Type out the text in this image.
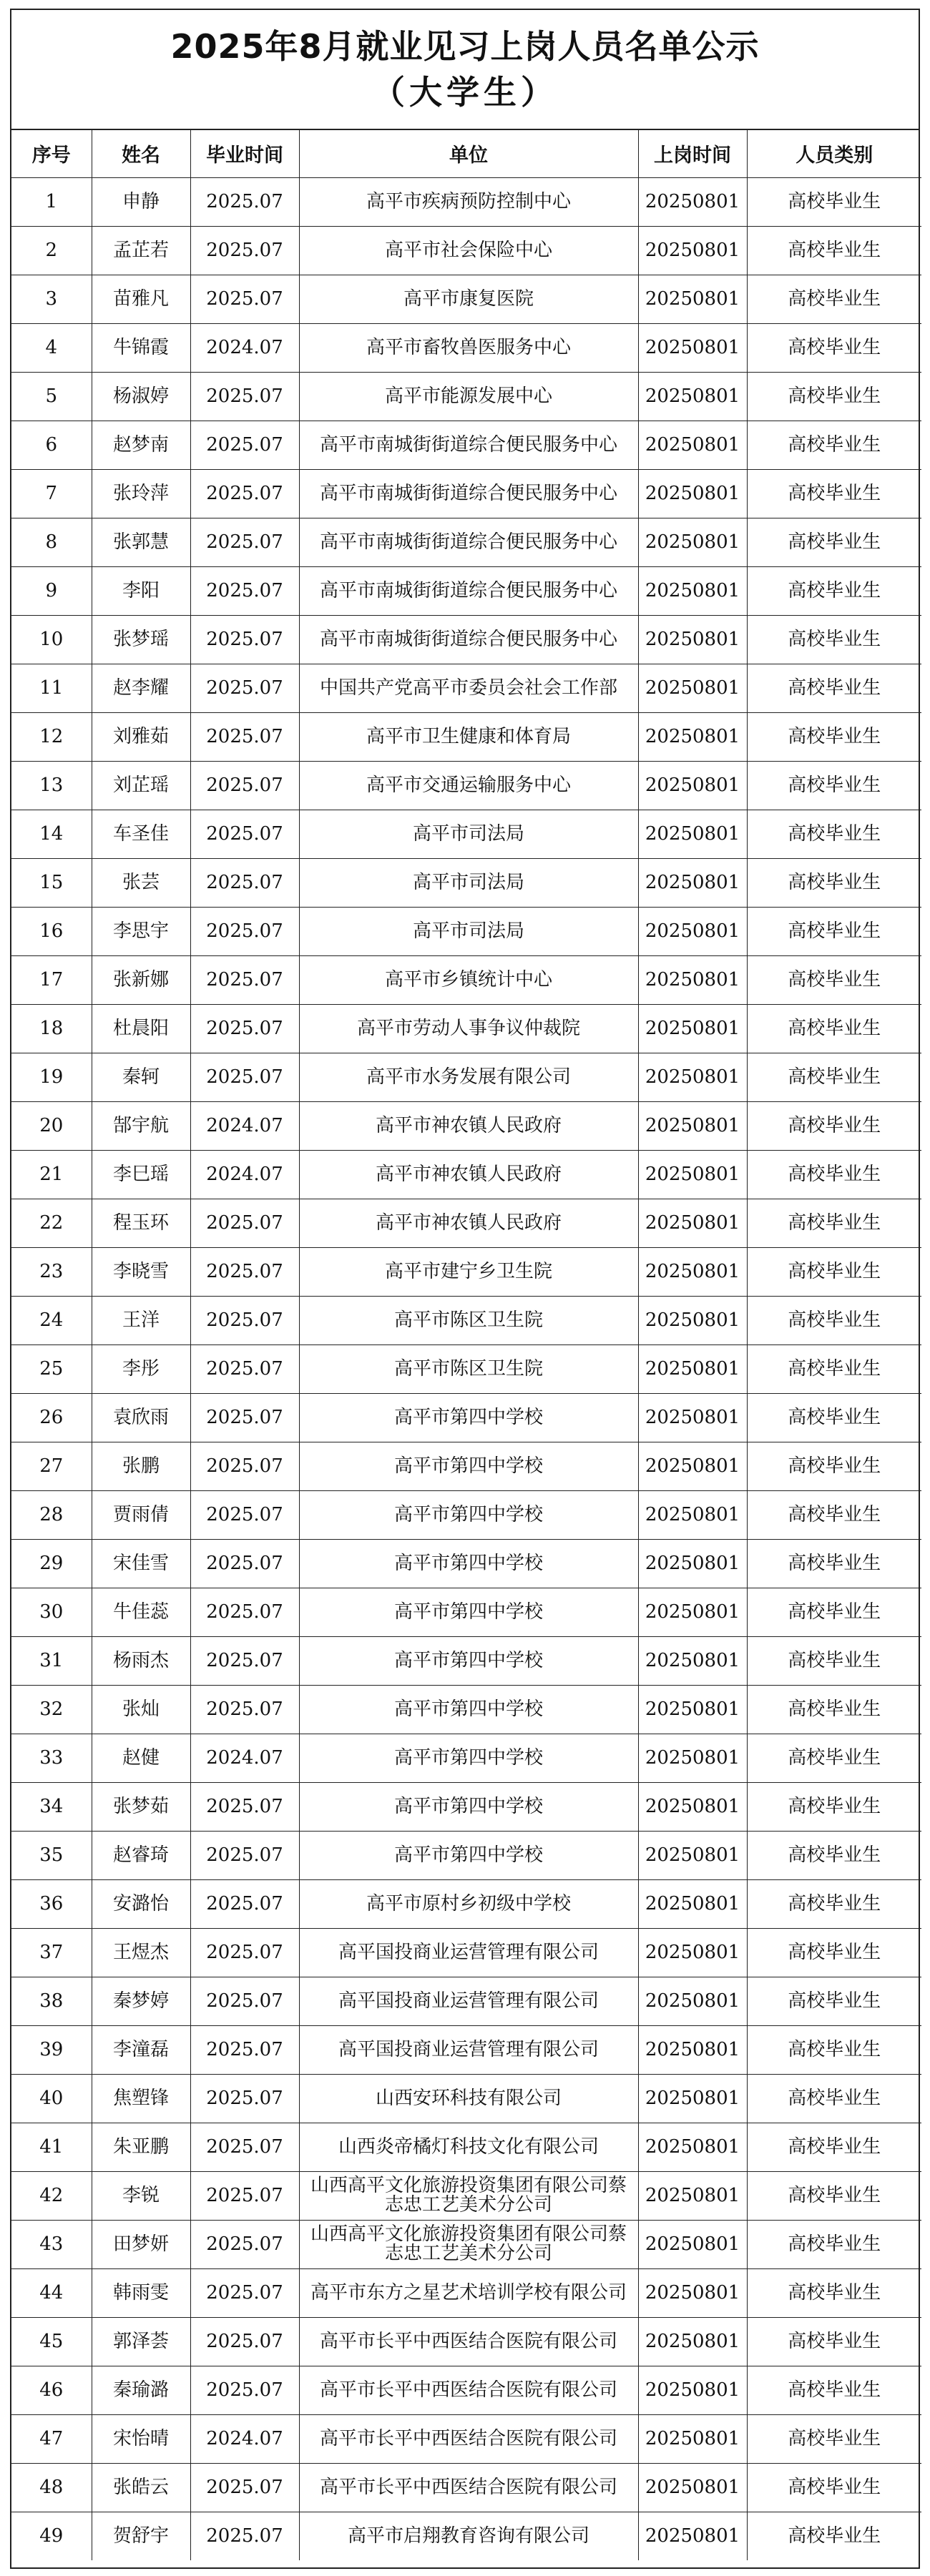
2025年8月就业见习上岗人员名单公示
（大学生）
序号	姓名	毕业时间	单位	上岗时间	人员类别
1	申静	2025.07	高平市疾病预防控制中心	20250801	高校毕业生
2	孟芷若	2025.07	高平市社会保险中心	20250801	高校毕业生
3	苗雅凡	2025.07	高平市康复医院	20250801	高校毕业生
4	牛锦霞	2024.07	高平市畜牧兽医服务中心	20250801	高校毕业生
5	杨淑婷	2025.07	高平市能源发展中心	20250801	高校毕业生
6	赵梦南	2025.07	高平市南城街街道综合便民服务中心	20250801	高校毕业生
7	张玲萍	2025.07	高平市南城街街道综合便民服务中心	20250801	高校毕业生
8	张郭慧	2025.07	高平市南城街街道综合便民服务中心	20250801	高校毕业生
9	李阳	2025.07	高平市南城街街道综合便民服务中心	20250801	高校毕业生
10	张梦瑶	2025.07	高平市南城街街道综合便民服务中心	20250801	高校毕业生
11	赵李耀	2025.07	中国共产党高平市委员会社会工作部	20250801	高校毕业生
12	刘雅茹	2025.07	高平市卫生健康和体育局	20250801	高校毕业生
13	刘芷瑶	2025.07	高平市交通运输服务中心	20250801	高校毕业生
14	车圣佳	2025.07	高平市司法局	20250801	高校毕业生
15	张芸	2025.07	高平市司法局	20250801	高校毕业生
16	李思宇	2025.07	高平市司法局	20250801	高校毕业生
17	张新娜	2025.07	高平市乡镇统计中心	20250801	高校毕业生
18	杜晨阳	2025.07	高平市劳动人事争议仲裁院	20250801	高校毕业生
19	秦轲	2025.07	高平市水务发展有限公司	20250801	高校毕业生
20	郜宇航	2024.07	高平市神农镇人民政府	20250801	高校毕业生
21	李巳瑶	2024.07	高平市神农镇人民政府	20250801	高校毕业生
22	程玉环	2025.07	高平市神农镇人民政府	20250801	高校毕业生
23	李晓雪	2025.07	高平市建宁乡卫生院	20250801	高校毕业生
24	王洋	2025.07	高平市陈区卫生院	20250801	高校毕业生
25	李彤	2025.07	高平市陈区卫生院	20250801	高校毕业生
26	袁欣雨	2025.07	高平市第四中学校	20250801	高校毕业生
27	张鹏	2025.07	高平市第四中学校	20250801	高校毕业生
28	贾雨倩	2025.07	高平市第四中学校	20250801	高校毕业生
29	宋佳雪	2025.07	高平市第四中学校	20250801	高校毕业生
30	牛佳蕊	2025.07	高平市第四中学校	20250801	高校毕业生
31	杨雨杰	2025.07	高平市第四中学校	20250801	高校毕业生
32	张灿	2025.07	高平市第四中学校	20250801	高校毕业生
33	赵健	2024.07	高平市第四中学校	20250801	高校毕业生
34	张梦茹	2025.07	高平市第四中学校	20250801	高校毕业生
35	赵睿琦	2025.07	高平市第四中学校	20250801	高校毕业生
36	安潞怡	2025.07	高平市原村乡初级中学校	20250801	高校毕业生
37	王煜杰	2025.07	高平国投商业运营管理有限公司	20250801	高校毕业生
38	秦梦婷	2025.07	高平国投商业运营管理有限公司	20250801	高校毕业生
39	李潼磊	2025.07	高平国投商业运营管理有限公司	20250801	高校毕业生
40	焦塑锋	2025.07	山西安环科技有限公司	20250801	高校毕业生
41	朱亚鹏	2025.07	山西炎帝橘灯科技文化有限公司	20250801	高校毕业生
42	李锐	2025.07	山西高平文化旅游投资集团有限公司蔡志忠工艺美术分公司	20250801	高校毕业生
43	田梦妍	2025.07	山西高平文化旅游投资集团有限公司蔡志忠工艺美术分公司	20250801	高校毕业生
44	韩雨雯	2025.07	高平市东方之星艺术培训学校有限公司	20250801	高校毕业生
45	郭泽荟	2025.07	高平市长平中西医结合医院有限公司	20250801	高校毕业生
46	秦瑜潞	2025.07	高平市长平中西医结合医院有限公司	20250801	高校毕业生
47	宋怡晴	2024.07	高平市长平中西医结合医院有限公司	20250801	高校毕业生
48	张皓云	2025.07	高平市长平中西医结合医院有限公司	20250801	高校毕业生
49	贺舒宇	2025.07	高平市启翔教育咨询有限公司	20250801	高校毕业生
